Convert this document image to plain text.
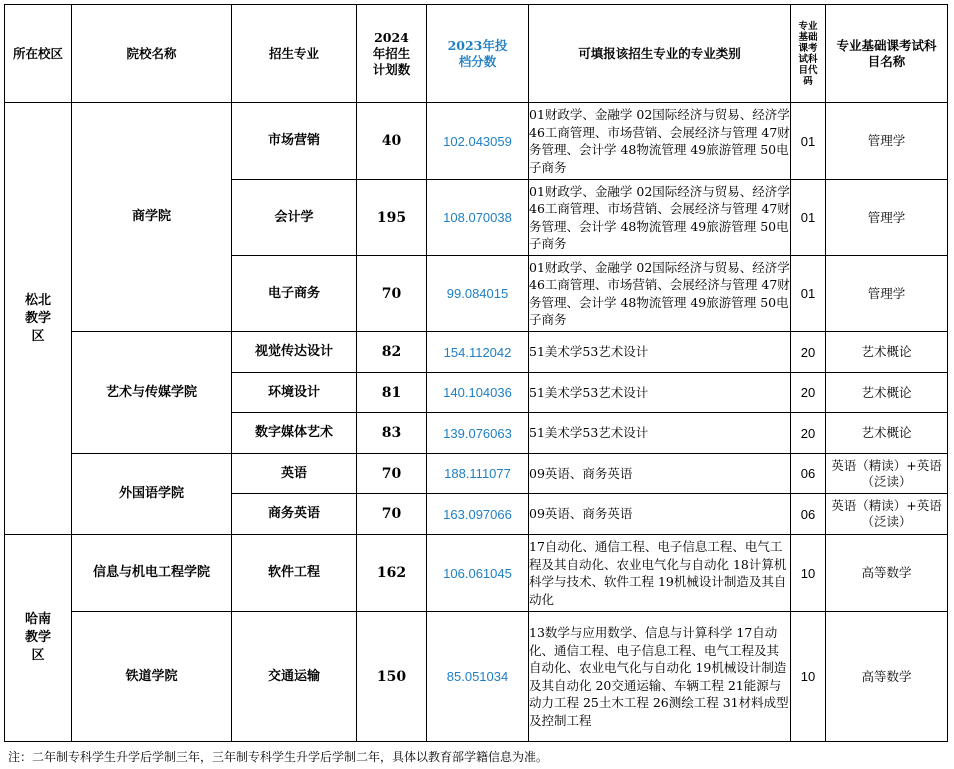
所在校区	院校名称	招生专业	2024年招生计划数	2023年投档分数	可填报该招生专业的专业类别	专业基础课考试科目代码	专业基础课考试科目名称
松北教学区	商学院	市场营销	40	102.043059	01财政学、金融学 02国际经济与贸易、经济学 46工商管理、市场营销、会展经济与管理 47财务管理、会计学 48物流管理 49旅游管理 50电子商务	01	管理学
		会计学	195	108.070038	01财政学、金融学 02国际经济与贸易、经济学 46工商管理、市场营销、会展经济与管理 47财务管理、会计学 48物流管理 49旅游管理 50电子商务	01	管理学
		电子商务	70	99.084015	01财政学、金融学 02国际经济与贸易、经济学 46工商管理、市场营销、会展经济与管理 47财务管理、会计学 48物流管理 49旅游管理 50电子商务	01	管理学
	艺术与传媒学院	视觉传达设计	82	154.112042	51美术学53艺术设计	20	艺术概论
		环境设计	81	140.104036	51美术学53艺术设计	20	艺术概论
		数字媒体艺术	83	139.076063	51美术学53艺术设计	20	艺术概论
	外国语学院	英语	70	188.111077	09英语、商务英语	06	英语（精读）+英语（泛读）
		商务英语	70	163.097066	09英语、商务英语	06	英语（精读）+英语（泛读）
哈南教学区	信息与机电工程学院	软件工程	162	106.061045	17自动化、通信工程、电子信息工程、电气工程及其自动化、农业电气化与自动化 18计算机科学与技术、软件工程 19机械设计制造及其自动化	10	高等数学
	铁道学院	交通运输	150	85.051034	13数学与应用数学、信息与计算科学 17自动化、通信工程、电子信息工程、电气工程及其自动化、农业电气化与自动化 19机械设计制造及其自动化 20交通运输、车辆工程 21能源与动力工程 25土木工程 26测绘工程 31材料成型及控制工程	10	高等数学
注：二年制专科学生升学后学制三年，三年制专科学生升学后学制二年，具体以教育部学籍信息为准。
